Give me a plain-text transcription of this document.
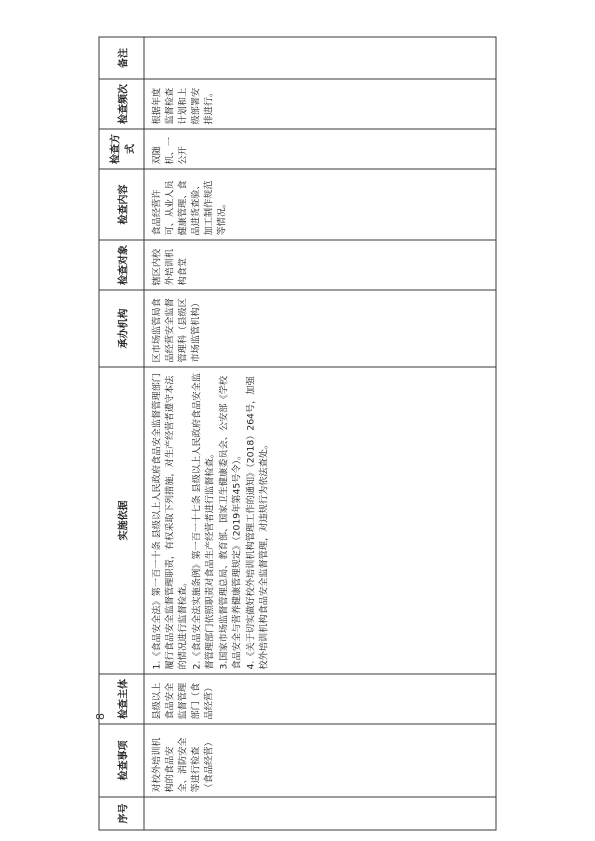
序号	检查事项	检查主体	实施依据	承办机构	检查对象	检查内容	检查方式	检查频次	备注
	对校外培训机构的食品安全、消防安全等进行检查（食品经营）	县级以上食品安全监督管理部门（食品经营）	1.《食品安全法》第一百一十条 县级以上人民政府食品安全监督管理部门履行食品安全监督管理职责，有权采取下列措施，对生产经营者遵守本法的情况进行监督检查。 2.《食品安全法实施条例》第一百一十七条 县级以上人民政府食品安全监督管理部门依照职责对食品生产经营者进行监督检查。 3.国家市场监督管理总局、教育部、国家卫生健康委员会、公安部《学校食品安全与营养健康管理规定》（2019年第45号令）。 4.《关于切实做好校外培训机构管理工作的通知》（2018）264号，加强校外培训机构食品安全监督管理，对违规行为依法查处。	区市场监管局食品经营安全监督管理科（县级区市场监管机构）	辖区内校外培训机构食堂	食品经营许可、从业人员健康管理、食品进货查验、加工制作规范等情况。	双随机、一公开	根据年度监督检查计划和上级部署安排进行。	
8
